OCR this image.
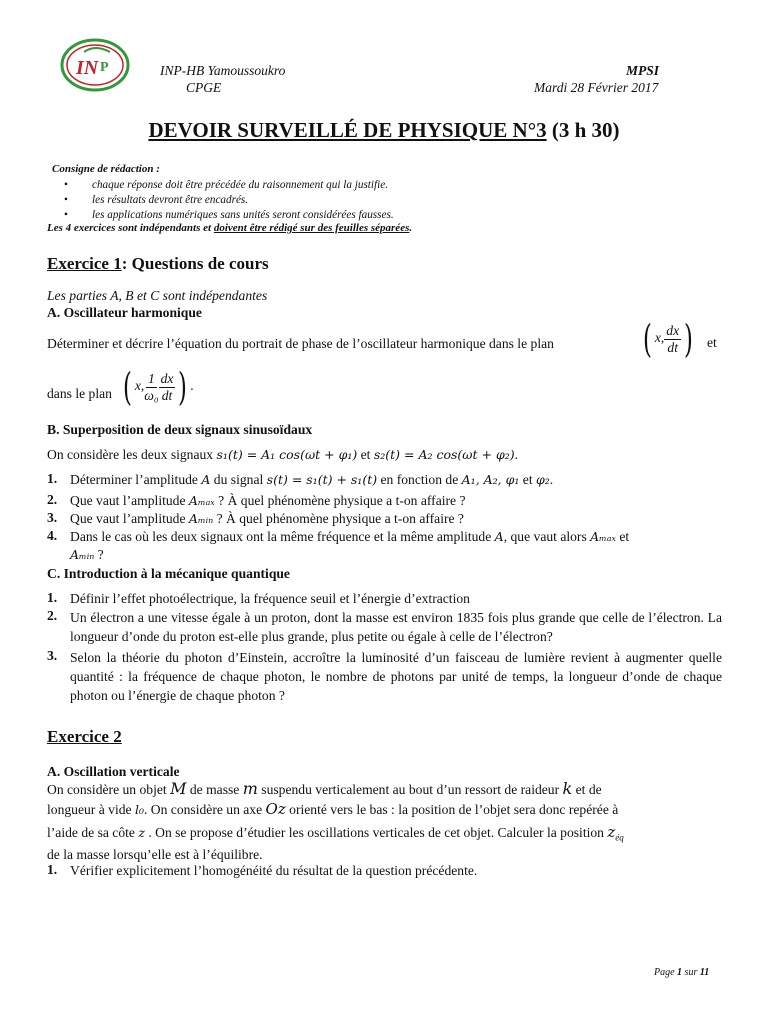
IN P	INP-HB Yamoussoukro
CPGE
MPSI
Mardi 28 Février 2017
DEVOIR SURVEILLÉ DE PHYSIQUE N°3 (3 h 30)
Consigne de rédaction :
• chaque réponse doit être précédée du raisonnement qui la justifie.
• les résultats devront être encadrés.
• les applications numériques sans unités seront considérées fausses.
Les 4 exercices sont indépendants et doivent être rédigé sur des feuilles séparées.
Exercice 1: Questions de cours
Les parties A, B et C sont indépendantes
A. Oscillateur harmonique
Déterminer et décrire l’équation du portrait de phase de l’oscillateur harmonique dans le plan ( x, $\frac{dx}{dt}$ ) et
dans le plan ( x, $\frac{1}{\text{ω₀}} \frac{dx}{dt}$ ) .
B. Superposition de deux signaux sinusoïdaux
On considère les deux signaux s₁(t) = A₁ cos(ωt + φ₁) et s₂(t) = A₂ cos(ωt + φ₂).
1. Déterminer l’amplitude A du signal s(t) = s₁(t) + s₁(t) en fonction de A₁, A₂, φ₁ et φ₂.
2. Que vaut l’amplitude Aₘₐₓ ? À quel phénomène physique a t-on affaire ?
3. Que vaut l’amplitude Aₘᵢₙ ? À quel phénomène physique a t-on affaire ?
4. Dans le cas où les deux signaux ont la même fréquence et la même amplitude A, que vaut alors Aₘₐₓ et
Aₘᵢₙ ?
C. Introduction à la mécanique quantique
1. Définir l’effet photoélectrique, la fréquence seuil et l’énergie d’extraction
2. Un électron a une vitesse égale à un proton, dont la masse est environ 1835 fois plus grande que celle de l’électron. La longueur d’onde du proton est-elle plus grande, plus petite ou égale à celle de l’électron?
3. Selon la théorie du photon d’Einstein, accroître la luminosité d’un faisceau de lumière revient à augmenter quelle quantité : la fréquence de chaque photon, le nombre de photons par unité de temps, la longueur d’onde de chaque photon ou l’énergie de chaque photon ?
Exercice 2
A. Oscillation verticale
On considère un objet M de masse m suspendu verticalement au bout d’un ressort de raideur k et de
longueur à vide l₀. On considère un axe Oz orienté vers le bas : la position de l’objet sera donc repérée à
l’aide de sa côte z . On se propose d’étudier les oscillations verticales de cet objet. Calculer la position $z_{éq}$
de la masse lorsqu’elle est à l’équilibre.
1. Vérifier explicitement l’homogénéité du résultat de la question précédente.
Page 1 sur 11
